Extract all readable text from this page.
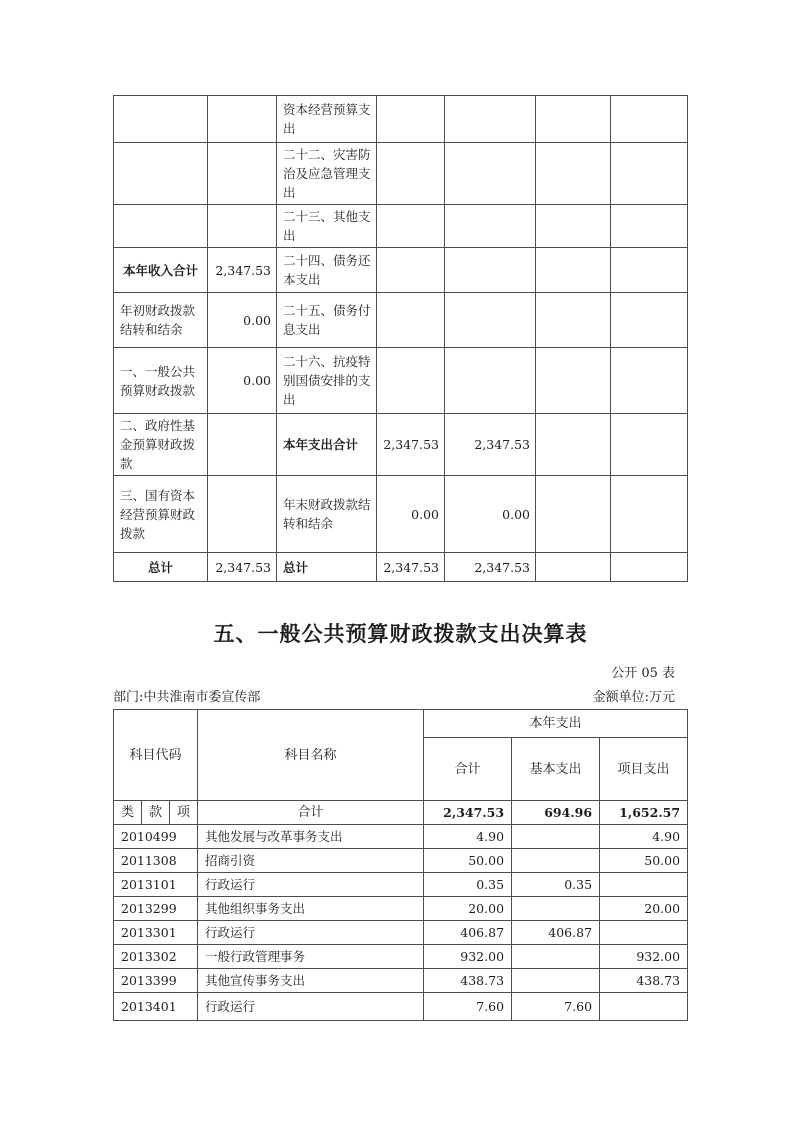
		资本经营预算支出				
		二十二、灾害防治及应急管理支出				
		二十三、其他支出				
本年收入合计	2,347.53	二十四、债务还本支出				
年初财政拨款结转和结余	0.00	二十五、债务付息支出				
一、一般公共预算财政拨款	0.00	二十六、抗疫特别国债安排的支出				
二、政府性基金预算财政拨款		本年支出合计	2,347.53	2,347.53		
三、国有资本经营预算财政拨款		年末财政拨款结转和结余	0.00	0.00		
总计	2,347.53	总计	2,347.53	2,347.53		
五、一般公共预算财政拨款支出决算表
公开 05 表
部门:中共淮南市委宣传部	金额单位:万元
科目代码			科目名称	本年支出		
				合计	基本支出	项目支出
类	款	项	合计	2,347.53	694.96	1,652.57
2010499			其他发展与改革事务支出	4.90		4.90
2011308			招商引资	50.00		50.00
2013101			行政运行	0.35	0.35	
2013299			其他组织事务支出	20.00		20.00
2013301			行政运行	406.87	406.87	
2013302			一般行政管理事务	932.00		932.00
2013399			其他宣传事务支出	438.73		438.73
2013401			行政运行	7.60	7.60	
